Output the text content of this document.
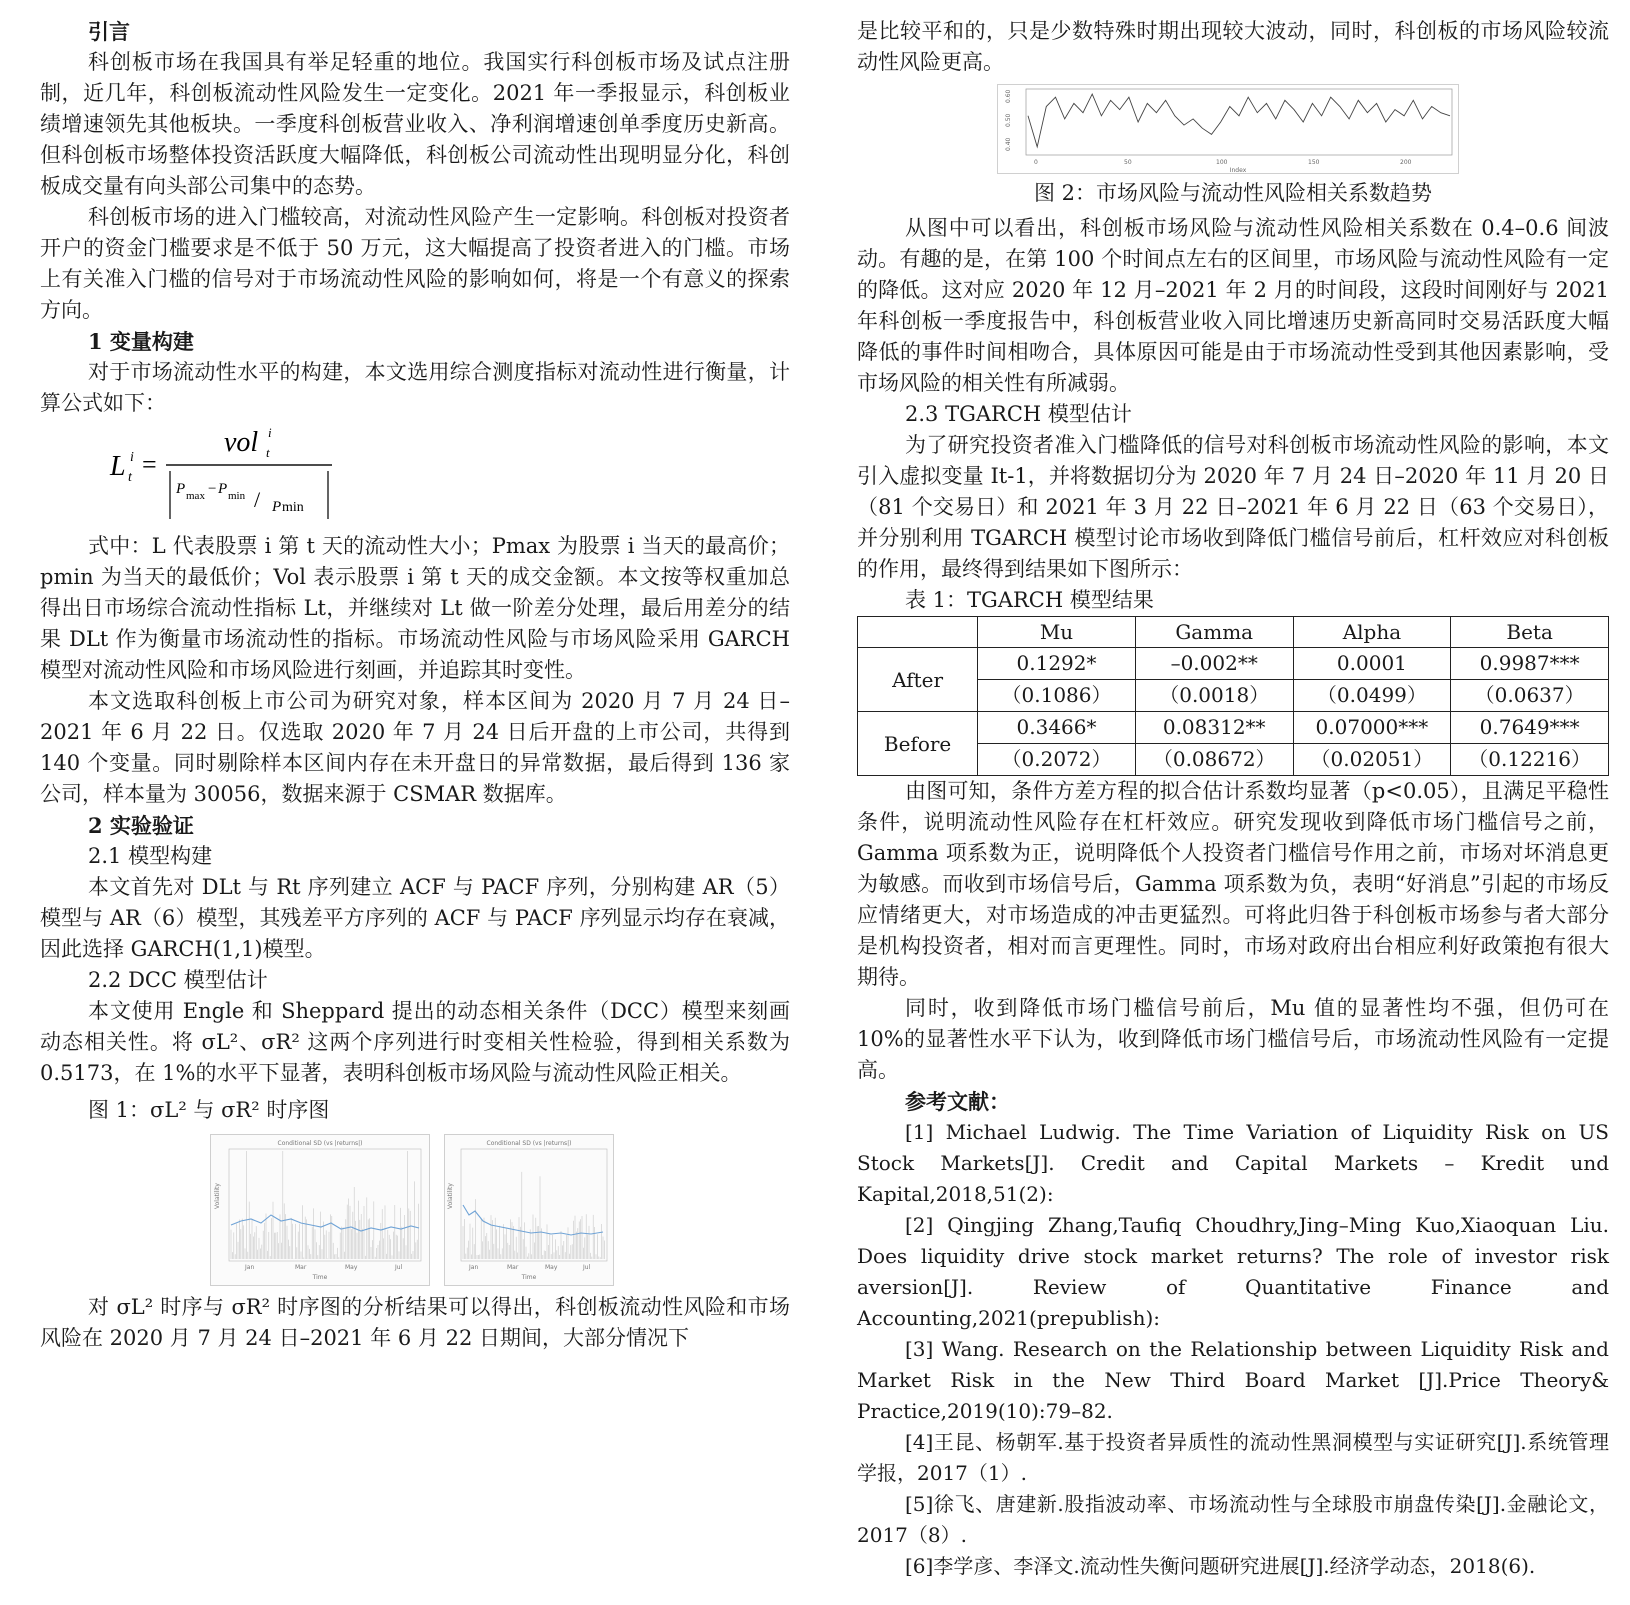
引言

科创板市场在我国具有举足轻重的地位。我国实行科创板市场及试点注册制，近几年，科创板流动性风险发生一定变化。2021 年一季报显示，科创板业绩增速领先其他板块。一季度科创板营业收入、净利润增速创单季度历史新高。但科创板市场整体投资活跃度大幅降低，科创板公司流动性出现明显分化，科创板成交量有向头部公司集中的态势。

科创板市场的进入门槛较高，对流动性风险产生一定影响。科创板对投资者开户的资金门槛要求是不低于 50 万元，这大幅提高了投资者进入的门槛。市场上有关准入门槛的信号对于市场流动性风险的影响如何，将是一个有意义的探索方向。

1 变量构建

对于市场流动性水平的构建，本文选用综合测度指标对流动性进行衡量，计算公式如下：

L i
t =
vol i
t
P max − P min / P min

式中：L 代表股票 i 第 t 天的流动性大小；Pmax 为股票 i 当天的最高价；pmin 为当天的最低价；Vol 表示股票 i 第 t 天的成交金额。本文按等权重加总得出日市场综合流动性指标 Lt，并继续对 Lt 做一阶差分处理，最后用差分的结果 DLt 作为衡量市场流动性的指标。市场流动性风险与市场风险采用 GARCH 模型对流动性风险和市场风险进行刻画，并追踪其时变性。

本文选取科创板上市公司为研究对象，样本区间为 2020 月 7 月 24 日–2021 年 6 月 22 日。仅选取 2020 年 7 月 24 日后开盘的上市公司，共得到 140 个变量。同时剔除样本区间内存在未开盘日的异常数据，最后得到 136 家公司，样本量为 30056，数据来源于 CSMAR 数据库。

2 实验验证

2.1 模型构建

本文首先对 DLt 与 Rt 序列建立 ACF 与 PACF 序列，分别构建 AR（5）模型与 AR（6）模型，其残差平方序列的 ACF 与 PACF 序列显示均存在衰减，因此选择 GARCH(1,1)模型。

2.2 DCC 模型估计

本文使用 Engle 和 Sheppard 提出的动态相关条件（DCC）模型来刻画动态相关性。将 σL²、σR² 这两个序列进行时变相关性检验，得到相关系数为 0.5173，在 1%的水平下显著，表明科创板市场风险与流动性风险正相关。

图 1：σL² 与 σR² 时序图

Conditional SD (vs |returns|)
Jan	Mar	May	Jul
Time
Volatility
Conditional SD (vs |returns|)
Jan	Mar	May	Jul
Time
Volatility

对 σL² 时序与 σR² 时序图的分析结果可以得出，科创板流动性风险和市场风险在 2020 月 7 月 24 日–2021 年 6 月 22 日期间，大部分情况下

是比较平和的，只是少数特殊时期出现较大波动，同时，科创板的市场风险较流动性风险更高。

0.40
0.50
0.60
0	50	100	150	200
Index

图 2：市场风险与流动性风险相关系数趋势

从图中可以看出，科创板市场风险与流动性风险相关系数在 0.4–0.6 间波动。有趣的是，在第 100 个时间点左右的区间里，市场风险与流动性风险有一定的降低。这对应 2020 年 12 月–2021 年 2 月的时间段，这段时间刚好与 2021 年科创板一季度报告中，科创板营业收入同比增速历史新高同时交易活跃度大幅降低的事件时间相吻合，具体原因可能是由于市场流动性受到其他因素影响，受市场风险的相关性有所减弱。

2.3 TGARCH 模型估计

为了研究投资者准入门槛降低的信号对科创板市场流动性风险的影响，本文引入虚拟变量 It-1，并将数据切分为 2020 年 7 月 24 日–2020 年 11 月 20 日（81 个交易日）和 2021 年 3 月 22 日–2021 年 6 月 22 日（63 个交易日），并分别利用 TGARCH 模型讨论市场收到降低门槛信号前后，杠杆效应对科创板的作用，最终得到结果如下图所示：

表 1：TGARCH 模型结果

	Mu	Gamma	Alpha	Beta
After	0.1292*	–0.002**	0.0001	0.9987***
	（0.1086）	（0.0018）	（0.0499）	（0.0637）
Before	0.3466*	0.08312**	0.07000***	0.7649***
	（0.2072）	（0.08672）	（0.02051）	（0.12216）

由图可知，条件方差方程的拟合估计系数均显著（p<0.05），且满足平稳性条件，说明流动性风险存在杠杆效应。研究发现收到降低市场门槛信号之前，Gamma 项系数为正，说明降低个人投资者门槛信号作用之前，市场对坏消息更为敏感。而收到市场信号后，Gamma 项系数为负，表明“好消息”引起的市场反应情绪更大，对市场造成的冲击更猛烈。可将此归咎于科创板市场参与者大部分是机构投资者，相对而言更理性。同时，市场对政府出台相应利好政策抱有很大期待。

同时，收到降低市场门槛信号前后，Mu 值的显著性均不强，但仍可在 10%的显著性水平下认为，收到降低市场门槛信号后，市场流动性风险有一定提高。

参考文献：

[1] Michael Ludwig. The Time Variation of Liquidity Risk on US Stock Markets[J]. Credit and Capital Markets – Kredit und Kapital,2018,51(2):

[2] Qingjing Zhang,Taufiq Choudhry,Jing–Ming Kuo,Xiaoquan Liu. Does liquidity drive stock market returns? The role of investor risk aversion[J]. Review of Quantitative Finance and Accounting,2021(prepublish):

[3] Wang. Research on the Relationship between Liquidity Risk and Market Risk in the New Third Board Market [J].Price Theory& Practice,2019(10):79–82.

[4]王昆、杨朝军.基于投资者异质性的流动性黑洞模型与实证研究[J].系统管理学报，2017（1）.

[5]徐飞、唐建新.股指波动率、市场流动性与全球股市崩盘传染[J].金融论文，2017（8）.

[6]李学彦、李泽文.流动性失衡问题研究进展[J].经济学动态，2018(6).
